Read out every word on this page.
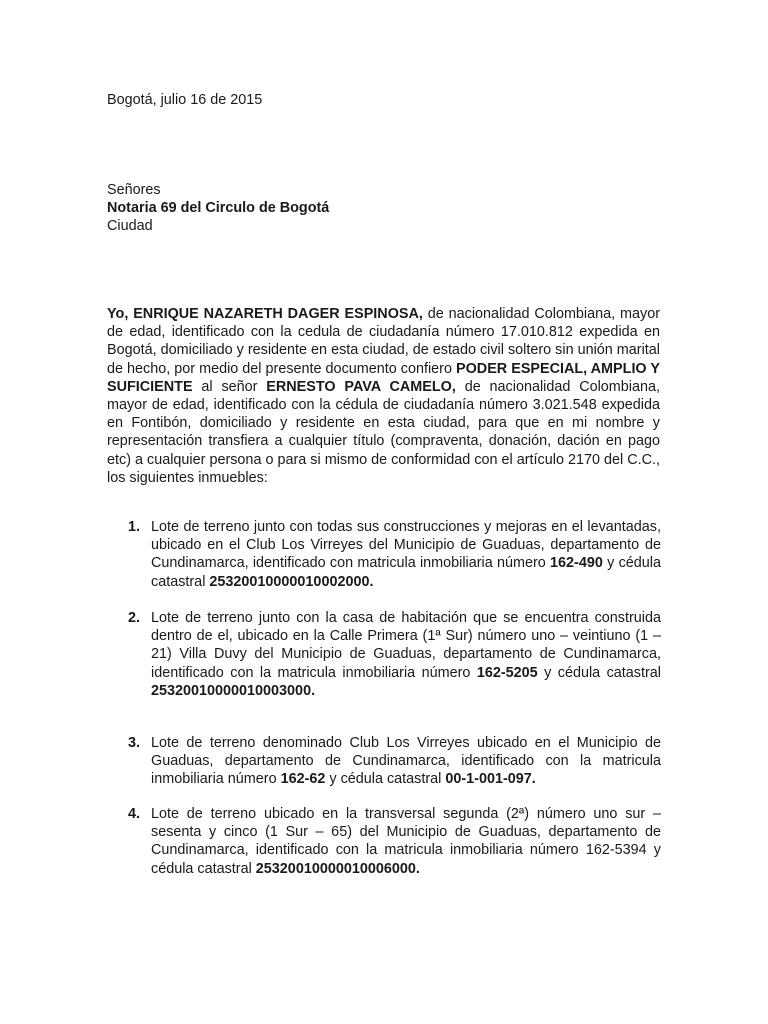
Bogotá, julio 16 de 2015
Señores
Notaria 69 del Circulo de Bogotá
Ciudad
Yo, ENRIQUE NAZARETH DAGER ESPINOSA, de nacionalidad Colombiana, mayor de edad, identificado con la cedula de ciudadanía número 17.010.812 expedida en Bogotá, domiciliado y residente en esta ciudad, de estado civil soltero sin unión marital de hecho, por medio del presente documento confiero PODER ESPECIAL, AMPLIO Y SUFICIENTE al señor ERNESTO PAVA CAMELO, de nacionalidad Colombiana, mayor de edad, identificado con la cédula de ciudadanía número 3.021.548 expedida en Fontibón, domiciliado y residente en esta ciudad, para que en mi nombre y representación transfiera a cualquier título (compraventa, donación, dación en pago etc) a cualquier persona o para si mismo de conformidad con el artículo 2170 del C.C., los siguientes inmuebles:
1. Lote de terreno junto con todas sus construcciones y mejoras en el levantadas, ubicado en el Club Los Virreyes del Municipio de Guaduas, departamento de Cundinamarca, identificado con matricula inmobiliaria número 162-490 y cédula catastral 25320010000010002000.
2. Lote de terreno junto con la casa de habitación que se encuentra construida dentro de el, ubicado en la Calle Primera (1ª Sur) número uno – veintiuno (1 – 21) Villa Duvy del Municipio de Guaduas, departamento de Cundinamarca, identificado con la matricula inmobiliaria número 162-5205 y cédula catastral 25320010000010003000.
3. Lote de terreno denominado Club Los Virreyes ubicado en el Municipio de Guaduas, departamento de Cundinamarca, identificado con la matricula inmobiliaria número 162-62 y cédula catastral 00-1-001-097.
4. Lote de terreno ubicado en la transversal segunda (2ª) número uno sur – sesenta y cinco (1 Sur – 65) del Municipio de Guaduas, departamento de Cundinamarca, identificado con la matricula inmobiliaria número 162-5394 y cédula catastral 25320010000010006000.
